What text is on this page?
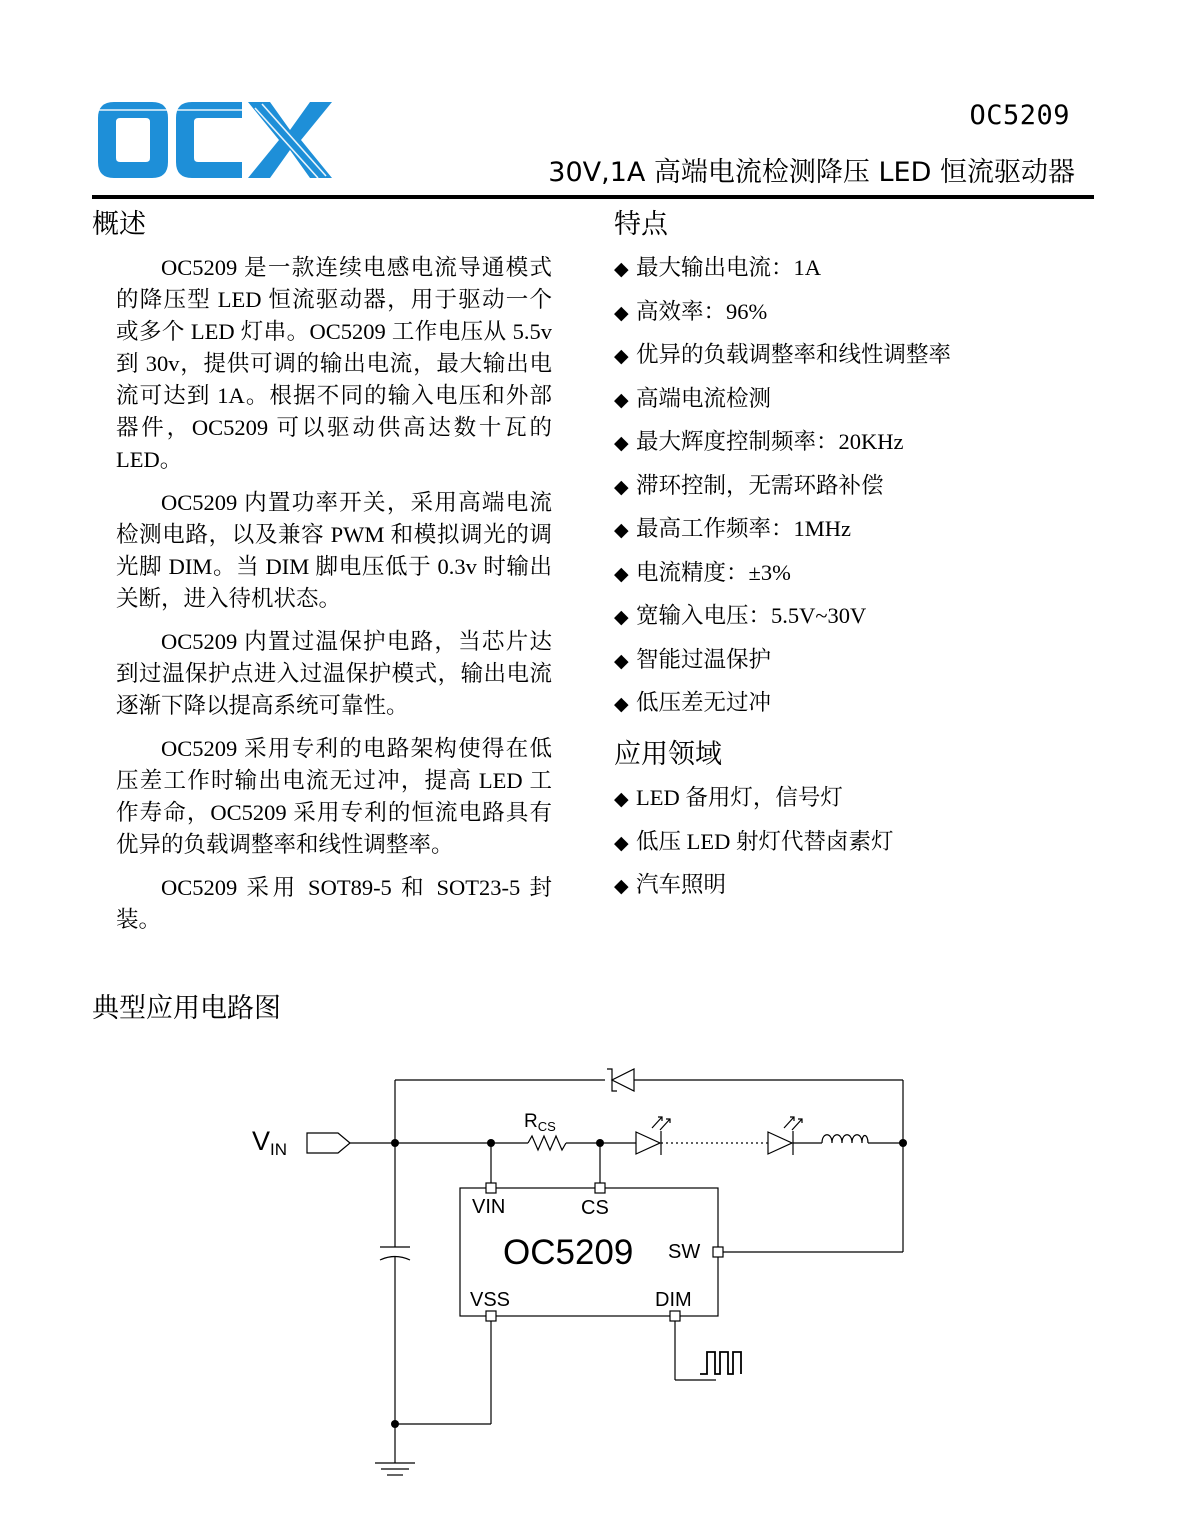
OC5209
30V,1A 高端电流检测降压 LED 恒流驱动器
概述

OC5209 是一款连续电感电流导通模式的降压型 LED 恒流驱动器，用于驱动一个或多个 LED 灯串。OC5209 工作电压从 5.5v 到 30v，提供可调的输出电流，最大输出电流可达到 1A。根据不同的输入电压和外部器件，OC5209 可以驱动供高达数十瓦的 LED。

OC5209 内置功率开关，采用高端电流检测电路，以及兼容 PWM 和模拟调光的调光脚 DIM。当 DIM 脚电压低于 0.3v 时输出关断，进入待机状态。

OC5209 内置过温保护电路，当芯片达到过温保护点进入过温保护模式，输出电流逐渐下降以提高系统可靠性。

OC5209 采用专利的电路架构使得在低压差工作时输出电流无过冲，提高 LED 工作寿命，OC5209 采用专利的恒流电路具有优异的负载调整率和线性调整率。

OC5209 采用 SOT89-5 和 SOT23-5 封装。

特点
◆ 最大输出电流：1A
◆ 高效率：96%
◆ 优异的负载调整率和线性调整率
◆ 高端电流检测
◆ 最大辉度控制频率：20KHz
◆ 滞环控制，无需环路补偿
◆ 最高工作频率：1MHz
◆ 电流精度：±3%
◆ 宽输入电压：5.5V~30V
◆ 智能过温保护
◆ 低压差无过冲
应用领域
◆ LED 备用灯，信号灯
◆ 低压 LED 射灯代替卤素灯
◆ 汽车照明
典型应用电路图
VIN
$R_{CS}$
VIN	CS
SW
VSS	DIM
OC5209
